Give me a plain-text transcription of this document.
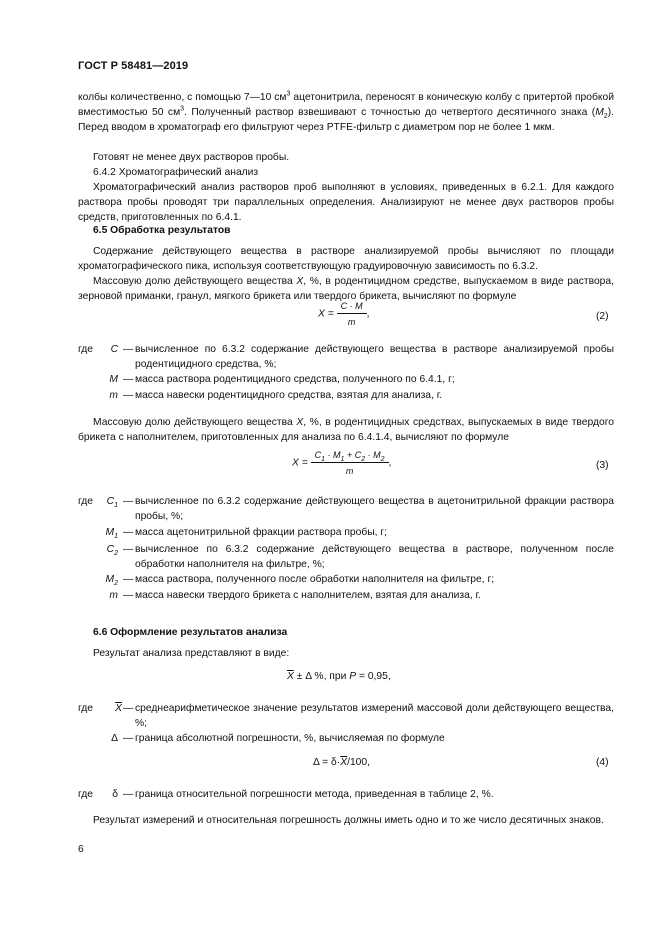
ГОСТ Р 58481—2019
колбы количественно, с помощью 7—10 $см^3$ ацетонитрила, переносят в коническую колбу с притертой пробкой вместимостью 50 $см^3$. Полученный раствор взвешивают с точностью до четвертого десятичного знака $(M_2)$. Перед вводом в хроматограф его фильтруют через PTFE-фильтр с диаметром пор не более 1 мкм.
Готовят не менее двух растворов пробы.
6.4.2 Хроматографический анализ
Хроматографический анализ растворов проб выполняют в условиях, приведенных в 6.2.1. Для каждого раствора пробы проводят три параллельных определения. Анализируют не менее двух растворов пробы средств, приготовленных по 6.4.1.
6.5 Обработка результатов
Содержание действующего вещества в растворе анализируемой пробы вычисляют по площади хроматографического пика, используя соответствующую градуировочную зависимость по 6.3.2.
Массовую долю действующего вещества X, %, в родентицидном средстве, выпускаемом в виде раствора, зерновой приманки, гранул, мягкого брикета или твердого брикета, вычисляют по формуле
$X = \frac{C \cdot M}{m}$ ,	(2)
где	C — вычисленное по 6.3.2 содержание действующего вещества в растворе анализируемой пробы родентицидного средства, %;
M — масса раствора родентицидного средства, полученного по 6.4.1, г;
m — масса навески родентицидного средства, взятая для анализа, г.
Массовую долю действующего вещества X, %, в родентицидных средствах, выпускаемых в виде твердого брикета с наполнителем, приготовленных для анализа по 6.4.1.4, вычисляют по формуле
$X = \frac{C_1 \cdot M_1 + C_2 \cdot M_2}{m}$ ,	(3)
где	$C_1$ — вычисленное по 6.3.2 содержание действующего вещества в ацетонитрильной фракции раствора пробы, %;
$M_1$ — масса ацетонитрильной фракции раствора пробы, г;
$C_2$ — вычисленное по 6.3.2 содержание действующего вещества в растворе, полученном после обработки наполнителя на фильтре, %;
$M_2$ — масса раствора, полученного после обработки наполнителя на фильтре, г;
m — масса навески твердого брикета с наполнителем, взятая для анализа, г.
6.6 Оформление результатов анализа
Результат анализа представляют в виде:
$\overline{X} \pm \Delta$ %, при P = 0,95,
где	$\overline{X}$ — среднеарифметическое значение результатов измерений массовой доли действующего вещества, %;
Δ — граница абсолютной погрешности, %, вычисляемая по формуле
$\Delta = \delta\cdot\overline{X}/100$,	(4)
где	δ — граница относительной погрешности метода, приведенная в таблице 2, %.
Результат измерений и относительная погрешность должны иметь одно и то же число десятичных знаков.
6
